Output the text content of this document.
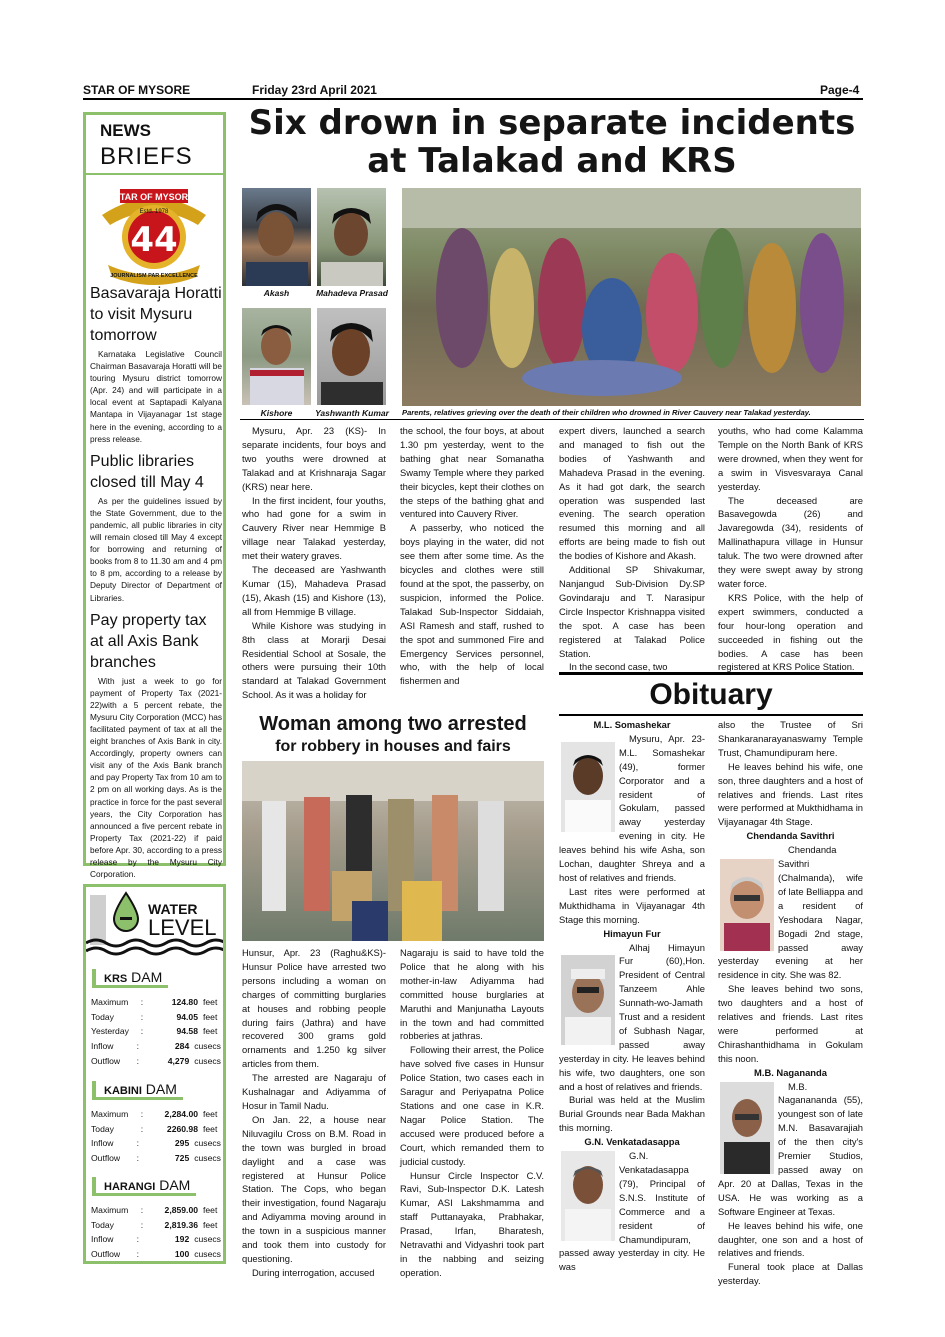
STAR OF MYSORE	Friday 23rd April 2021	Page-4
NEWS
BRIEFS
STAR OF MYSORE
Estd. 1978
44
JOURNALISM PAR EXCELLENCE
Basavaraja Horatti to visit Mysuru tomorrow
Karnataka Legislative Council Chairman Basavaraja Horatti will be touring Mysuru district tomorrow (Apr. 24) and will participate in a local event at Saptapadi Kalyana Mantapa in Vijayanagar 1st stage here in the evening, according to a press release.
Public libraries closed till May 4
As per the guidelines issued by the State Government, due to the pandemic, all public libraries in city will remain closed till May 4 except for borrowing and returning of books from 8 to 11.30 am and 4 pm to 8 pm, according to a release by Deputy Director of Department of Libraries.
Pay property tax at all Axis Bank branches
With just a week to go for payment of Property Tax (2021-22)with a 5 percent rebate, the Mysuru City Corporation (MCC) has facilitated payment of tax at all the eight branches of Axis Bank in city. Accordingly, property owners can visit any of the Axis Bank branch and pay Property Tax from 10 am to 2 pm on all working days. As is the practice in force for the past several years, the City Corporation has announced a five percent rebate in Property Tax (2021-22) if paid before Apr. 30, according to a press release by the Mysuru City Corporation.
WATER
LEVEL
KRS DAM
Maximum	:	124.80 feet
Today	:	94.05 feet
Yesterday	:	94.58 feet
Inflow	:	284 cusecs
Outflow	:	4,279 cusecs
KABINI DAM
Maximum	:	2,284.00 feet
Today	:	2260.98 feet
Inflow	:	295 cusecs
Outflow	:	725 cusecs
HARANGI DAM
Maximum	:	2,859.00 feet
Today	:	2,819.36 feet
Inflow	:	192 cusecs
Outflow	:	100 cusecs
Six drown in separate incidents
at Talakad and KRS
Akash	Mahadeva Prasad
Kishore	Yashwanth Kumar	Parents, relatives grieving over the death of their children who drowned in River Cauvery near Talakad yesterday.

Mysuru, Apr. 23 (KS)- In separate incidents, four boys and two youths were drowned at Talakad and at Krishnaraja Sagar (KRS) near here.

In the first incident, four youths, who had gone for a swim in Cauvery River near Hemmige B village near Talakad yesterday, met their watery graves.

The deceased are Yashwanth Kumar (15), Mahadeva Prasad (15), Akash (15) and Kishore (13), all from Hemmige B village.

While Kishore was studying in 8th class at Morarji Desai Residential School at Sosale, the others were pursuing their 10th standard at Talakad Government School. As it was a holiday for

the school, the four boys, at about 1.30 pm yesterday, went to the bathing ghat near Somanatha Swamy Temple where they parked their bicycles, kept their clothes on the steps of the bathing ghat and ventured into Cauvery River.

A passerby, who noticed the boys playing in the water, did not see them after some time. As the bicycles and clothes were still found at the spot, the passerby, on suspicion, informed the Police. Talakad Sub-Inspector Siddaiah, ASI Ramesh and staff, rushed to the spot and summoned Fire and Emergency Services personnel, who, with the help of local fishermen and

expert divers, launched a search and managed to fish out the bodies of Yashwanth and Mahadeva Prasad in the evening. As it had got dark, the search operation was suspended last evening. The search operation resumed this morning and all efforts are being made to fish out the bodies of Kishore and Akash.

Additional SP Shivakumar, Nanjangud Sub-Division Dy.SP Govindaraju and T. Narasipur Circle Inspector Krishnappa visited the spot. A case has been registered at Talakad Police Station.

In the second case, two

youths, who had come Kalamma Temple on the North Bank of KRS were drowned, when they went for a swim in Visvesvaraya Canal yesterday.

The deceased are Basavegowda (26) and Javaregowda (34), residents of Mallinathapura village in Hunsur taluk. The two were drowned after they were swept away by strong water force.

KRS Police, with the help of expert swimmers, conducted a four hour-long operation and succeeded in fishing out the bodies. A case has been registered at KRS Police Station.

Woman among two arrested
for robbery in houses and fairs

Hunsur, Apr. 23 (Raghu&KS)- Hunsur Police have arrested two persons including a woman on charges of committing burglaries at houses and robbing people during fairs (Jathra) and have recovered 300 grams gold ornaments and 1.250 kg silver articles from them.

The arrested are Nagaraju of Kushalnagar and Adiyamma of Hosur in Tamil Nadu.

On Jan. 22, a house near Niluvagilu Cross on B.M. Road in the town was burgled in broad daylight and a case was registered at Hunsur Police Station. The Cops, who began their investigation, found Nagaraju and Adiyamma moving around in the town in a suspicious manner and took them into custody for questioning.

During interrogation, accused

Nagaraju is said to have told the Police that he along with his mother-in-law Adiyamma had committed house burglaries at Maruthi and Manjunatha Layouts in the town and had committed robberies at jathras.

Following their arrest, the Police have solved five cases in Hunsur Police Station, two cases each in Saragur and Periyapatna Police Stations and one case in K.R. Nagar Police Station. The accused were produced before a Court, which remanded them to judicial custody.

Hunsur Circle Inspector C.V. Ravi, Sub-Inspector D.K. Latesh Kumar, ASI Lakshmamma and staff Puttanayaka, Prabhakar, Prasad, Irfan, Bharatesh, Netravathi and Vidyashri took part in the nabbing and seizing operation.

Obituary

M.L. Somashekar

Mysuru, Apr. 23- M.L. Somashekar (49), former Corporator and a resident of Gokulam, passed away yesterday evening in city. He leaves behind his wife Asha, son Lochan, daughter Shreya and a host of relatives and friends.

Last rites were performed at Mukthidhama in Vijayanagar 4th Stage this morning.

Himayun Fur

Alhaj Himayun Fur (60),Hon. President of Central Tanzeem Ahle Sunnath-wo-Jamath Trust and a resident of Subhash Nagar, passed away yesterday in city. He leaves behind his wife, two daughters, one son and a host of relatives and friends.

Burial was held at the Muslim Burial Grounds near Bada Makhan this morning.

G.N. Venkatadasappa

G.N. Venkatadasappa (79), Principal of S.N.S. Institute of Commerce and a resident of Chamundipuram, passed away yesterday in city. He was

also the Trustee of Sri Shankaranarayanaswamy Temple Trust, Chamundipuram here.

He leaves behind his wife, one son, three daughters and a host of relatives and friends. Last rites were performed at Mukthidhama in Vijayanagar 4th Stage.

Chendanda Savithri

Chendanda Savithri (Chalmanda), wife of late Belliappa and a resident of Yeshodara Nagar, Bogadi 2nd stage, passed away yesterday evening at her residence in city. She was 82.

She leaves behind two sons, two daughters and a host of relatives and friends. Last rites were performed at Chirashanthidhama in Gokulam this noon.

M.B. Nagananda

M.B. Naganananda (55), youngest son of late M.N. Basavarajiah of the then city's Premier Studios, passed away on Apr. 20 at Dallas, Texas in the USA. He was working as a Software Engineer at Texas.

He leaves behind his wife, one daughter, one son and a host of relatives and friends.

Funeral took place at Dallas yesterday.
